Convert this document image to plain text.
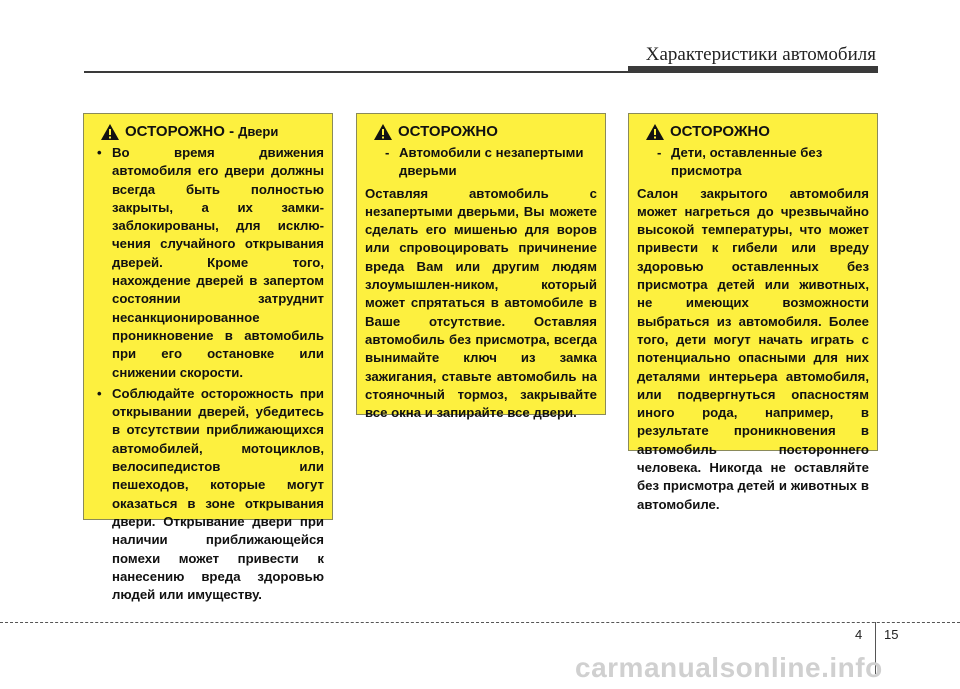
Характеристики автомобиля
ОСТОРОЖНО - Двери
• Во время движения автомобиля его двери должны всегда быть полностью закрыты, а их замки-заблокированы, для исклю-чения случайного открывания дверей. Кроме того, нахождение дверей в запертом состоянии затруднит несанкционированное проникновение в автомобиль при его остановке или снижении скорости.
• Соблюдайте осторожность при открывании дверей, убедитесь в отсутствии приближающихся автомобилей, мотоциклов, велосипедистов или пешеходов, которые могут оказаться в зоне открывания двери. Открывание двери при наличии приближающейся помехи может привести к нанесению вреда здоровью людей или имуществу.
ОСТОРОЖНО
- Автомобили с незапертыми дверьми
Оставляя автомобиль с незапертыми дверьми, Вы можете сделать его мишенью для воров или спровоцировать причинение вреда Вам или другим людям злоумышлен-ником, который может спрятаться в автомобиле в Ваше отсутствие. Оставляя автомобиль без присмотра, всегда вынимайте ключ из замка зажигания, ставьте автомобиль на стояночный тормоз, закрывайте все окна и запирайте все двери.
ОСТОРОЖНО
- Дети, оставленные без присмотра
Салон закрытого автомобиля может нагреться до чрезвычайно высокой температуры, что может привести к гибели или вреду здоровью оставленных без присмотра детей или животных, не имеющих возможности выбраться из автомобиля. Более того, дети могут начать играть с потенциально опасными для них деталями интерьера автомобиля, или подвергнуться опасностям иного рода, например, в результате проникновения в автомобиль постороннего человека. Никогда не оставляйте без присмотра детей и животных в автомобиле.
4 15
carmanualsonline.info
